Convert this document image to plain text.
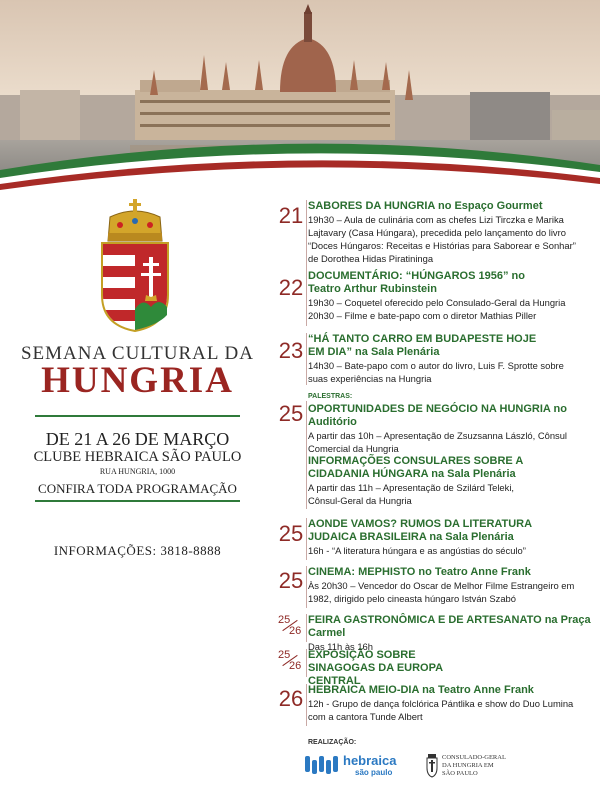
SEMANA CULTURAL DA
HUNGRIA
DE 21 A 26 DE MARÇO
CLUBE HEBRAICA SÃO PAULO
RUA HUNGRIA, 1000
CONFIRA TODA PROGRAMAÇÃO
INFORMAÇÕES: 3818-8888
21 SABORES DA HUNGRIA no Espaço Gourmet
19h30 – Aula de culinária com as chefes Lizi Tirczka e Marika
Lajtavary (Casa Húngara), precedida pelo lançamento do livro
“Doces Húngaros: Receitas e Histórias para Saborear e Sonhar”
de Dorothea Hidas Piratininga
22 DOCUMENTÁRIO: “HÚNGAROS 1956” no Teatro Arthur Rubinstein
19h30 – Coquetel oferecido pelo Consulado-Geral da Hungria
20h30 – Filme e bate-papo com o diretor Mathias Piller
23 “HÁ TANTO CARRO EM BUDAPESTE HOJE EM DIA” na Sala Plenária
14h30 – Bate-papo com o autor do livro, Luis F. Sprotte sobre
suas experiências na Hungria
PALESTRAS:
25 OPORTUNIDADES DE NEGÓCIO NA HUNGRIA no Auditório
A partir das 10h – Apresentação de Zsuzsanna László, Cônsul
Comercial da Hungria
INFORMAÇÕES CONSULARES SOBRE A CIDADANIA HÚNGARA na Sala Plenária
A partir das 11h – Apresentação de Szilárd Teleki,
Cônsul-Geral da Hungria
25 AONDE VAMOS? RUMOS DA LITERATURA JUDAICA BRASILEIRA na Sala Plenária
16h - “A literatura húngara e as angústias do século”
25 CINEMA: MEPHISTO no Teatro Anne Frank
Às 20h30 – Vencedor do Oscar de Melhor Filme Estrangeiro em
1982, dirigido pelo cineasta húngaro István Szabó
25
26
FEIRA GASTRONÔMICA E DE ARTESANATO na Praça Carmel
Das 11h às 16h
25
26
EXPOSIÇÃO SOBRE SINAGOGAS DA EUROPA CENTRAL
26 HEBRAICA MEIO-DIA na Teatro Anne Frank
12h - Grupo de dança folclórica Pántlika e show do Duo Lumina
com a cantora Tunde Albert
REALIZAÇÃO:
hebraica
são paulo
CONSULADO-GERAL
DA HUNGRIA EM
SÃO PAULO
